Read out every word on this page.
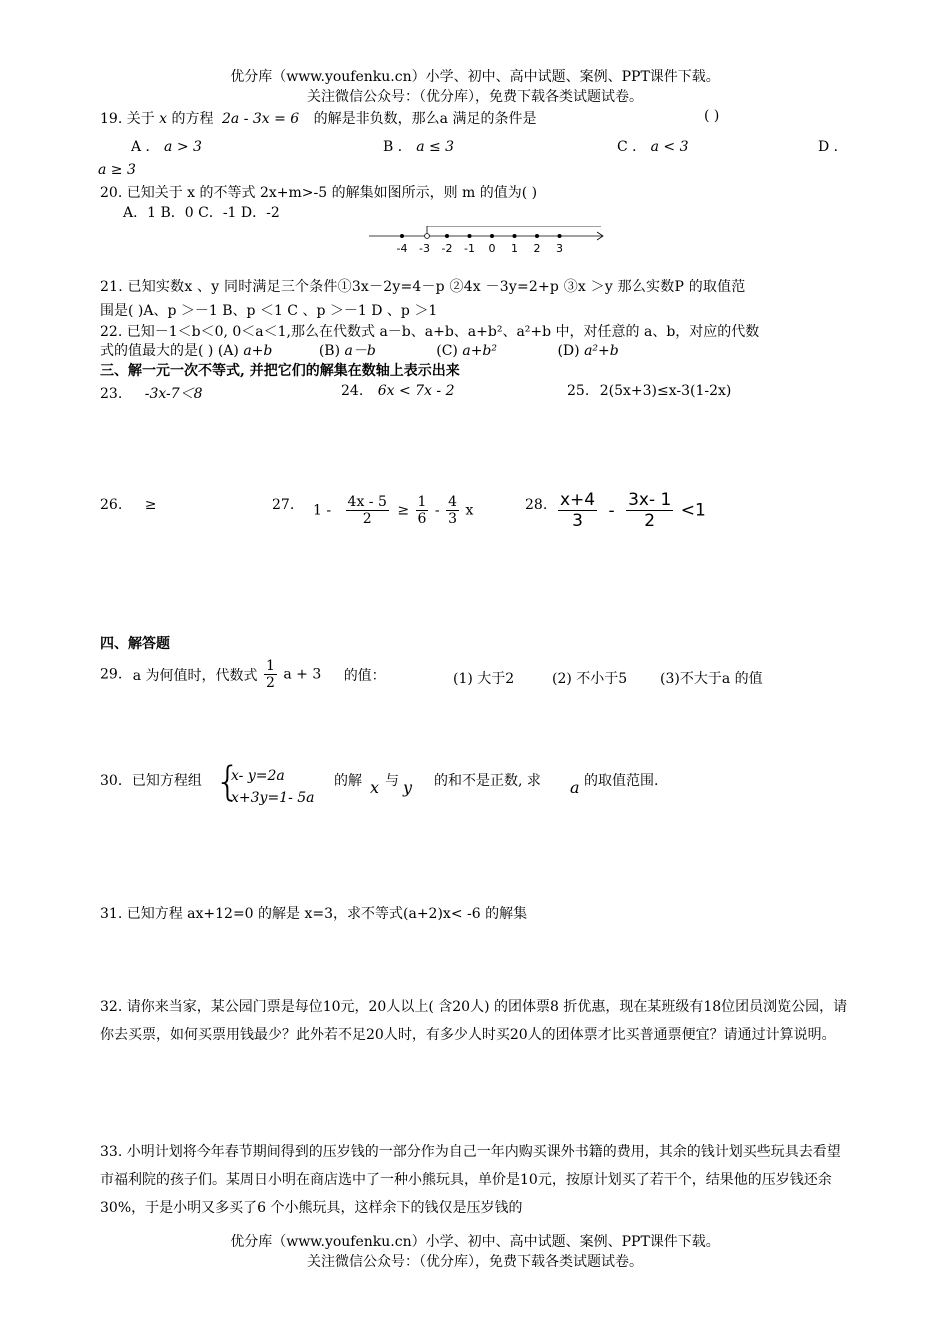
优分库（www.youfenku.cn）小学、初中、高中试题、案例、PPT课件下载。
关注微信公众号：（优分库），免费下载各类试题试卷。
19. 关于 x 的方程 2a - 3x = 6 的解是非负数，那么a 满足的条件是	( )
A ． a > 3	B ． a ≤ 3	C ． a < 3	D ．
a ≥ 3
20. 已知关于 x 的不等式 2x+m>-5 的解集如图所示，则 m 的值为( )
A．1 B．0 C．-1 D．-2
-4 -3 -2 -1 0 1 2 3
21. 已知实数x 、y 同时满足三个条件①3x－2y=4－p ②4x －3y=2+p ③x ＞y 那么实数P 的取值范
围是( )A、p ＞－1 B、p ＜1 C 、p ＞－1 D 、p ＞1
22. 已知－1＜b＜0, 0＜a＜1,那么在代数式 a－b、a+b、a+b²、a²+b 中，对任意的 a、b，对应的代数
式的值最大的是( ) (A) a+b	(B) a－b	(C) a+b²	(D) a²+b
三、解一元一次不等式, 并把它们的解集在数轴上表示出来
23. -3x-7＜8	24. 6x < 7x - 2	25. 2(5x+3)≤x-3(1-2x)
26. ≥	27. $1 - \frac{4x - 5}{2} \ge \frac{1}{6} - \frac{4}{3}$ x	28. $\frac{x+4}{3} - \frac{3x- 1}{2} <1$
四、解答题
29. a 为何值时，代数式 $\frac{1}{2}$ a + 3 的值：	(1) 大于2	(2) 不小于5 (3)不大于a 的值
30．已知方程组 {
x- y=2a
x+3y=1- 5a
的解 x 与 y 的和不是正数, 求 a 的取值范围.
31. 已知方程 ax+12=0 的解是 x=3，求不等式(a+2)x< -6 的解集
32. 请你来当家，某公园门票是每位10元，20人以上( 含20人) 的团体票8 折优惠，现在某班级有18位团员浏览公园，请你去买票，如何买票用钱最少？此外若不足20人时，有多少人时买20人的团体票才比买普通票便宜？请通过计算说明。
33. 小明计划将今年春节期间得到的压岁钱的一部分作为自己一年内购买课外书籍的费用，其余的钱计划买些玩具去看望市福利院的孩子们。某周日小明在商店选中了一种小熊玩具，单价是10元，按原计划买了若干个，结果他的压岁钱还余30%，于是小明又多买了6 个小熊玩具，这样余下的钱仅是压岁钱的
优分库（www.youfenku.cn）小学、初中、高中试题、案例、PPT课件下载。
关注微信公众号：（优分库），免费下载各类试题试卷。
